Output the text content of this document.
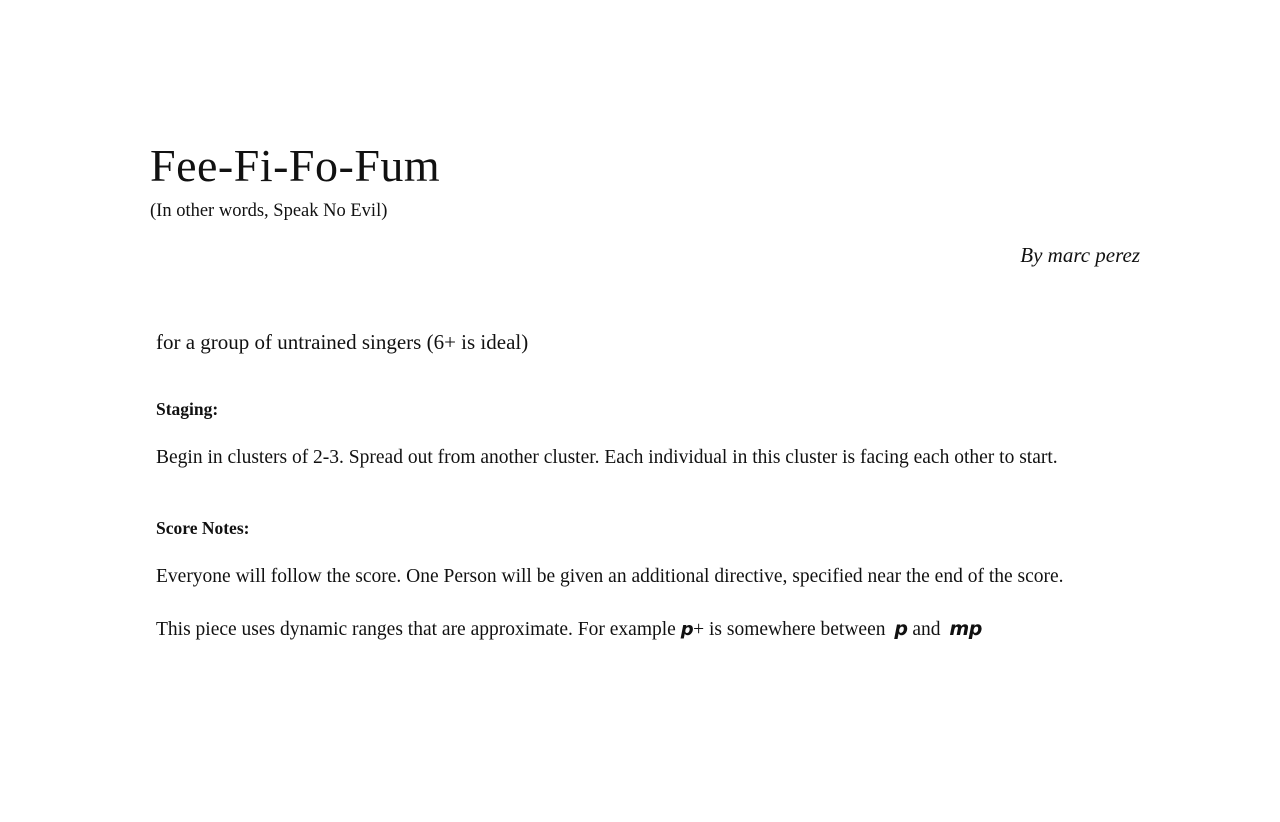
Fee-Fi-Fo-Fum

(In other words, Speak No Evil)

By marc perez

for a group of untrained singers (6+ is ideal)

Staging:

Begin in clusters of 2-3. Spread out from another cluster. Each individual in this cluster is facing each other to start.

Score Notes:

Everyone will follow the score. One Person will be given an additional directive, specified near the end of the score.

This piece uses dynamic ranges that are approximate. For example p+ is somewhere between p and mp
